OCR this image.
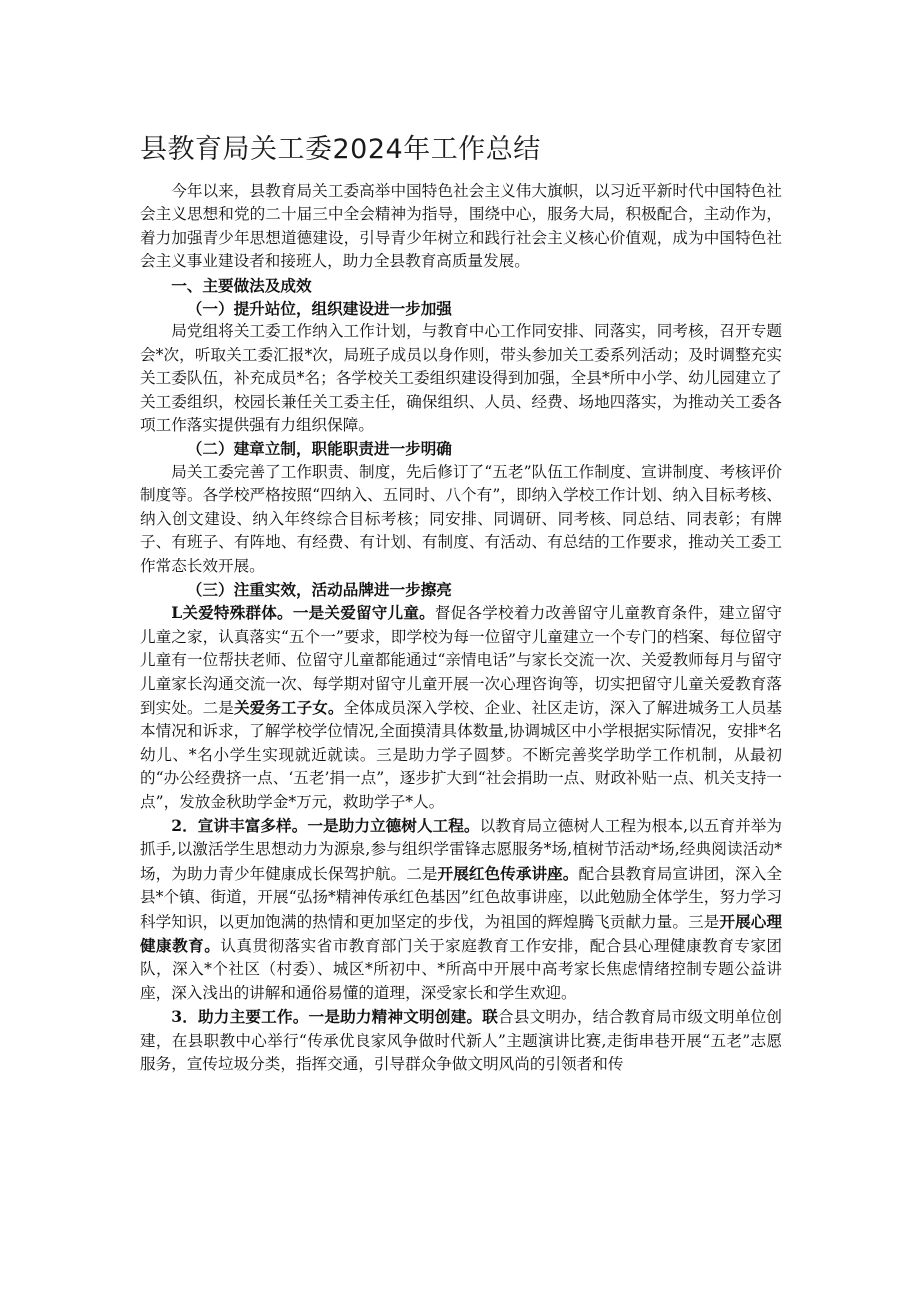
县教育局关工委2024年工作总结

今年以来，县教育局关工委高举中国特色社会主义伟大旗帜，以习近平新时代中国特色社会主义思想和党的二十届三中全会精神为指导，围绕中心，服务大局，积极配合，主动作为，着力加强青少年思想道德建设，引导青少年树立和践行社会主义核心价值观，成为中国特色社会主义事业建设者和接班人，助力全县教育高质量发展。

一、主要做法及成效
（一）提升站位，组织建设进一步加强

局党组将关工委工作纳入工作计划，与教育中心工作同安排、同落实，同考核，召开专题会*次，听取关工委汇报*次，局班子成员以身作则，带头参加关工委系列活动；及时调整充实关工委队伍，补充成员*名；各学校关工委组织建设得到加强，全县*所中小学、幼儿园建立了关工委组织，校园长兼任关工委主任，确保组织、人员、经费、场地四落实，为推动关工委各项工作落实提供强有力组织保障。

（二）建章立制，职能职责进一步明确

局关工委完善了工作职责、制度，先后修订了“五老”队伍工作制度、宣讲制度、考核评价制度等。各学校严格按照“四纳入、五同时、八个有”，即纳入学校工作计划、纳入目标考核、纳入创文建设、纳入年终综合目标考核；同安排、同调研、同考核、同总结、同表彰；有牌子、有班子、有阵地、有经费、有计划、有制度、有活动、有总结的工作要求，推动关工委工作常态长效开展。

（三）注重实效，活动品牌进一步擦亮

L关爱特殊群体。一是关爱留守儿童。督促各学校着力改善留守儿童教育条件，建立留守儿童之家，认真落实“五个一”要求，即学校为每一位留守儿童建立一个专门的档案、每位留守儿童有一位帮扶老师、位留守儿童都能通过“亲情电话”与家长交流一次、关爱教师每月与留守儿童家长沟通交流一次、每学期对留守儿童开展一次心理咨询等，切实把留守儿童关爱教育落到实处。二是关爱务工子女。全体成员深入学校、企业、社区走访，深入了解进城务工人员基本情况和诉求，了解学校学位情况,全面摸清具体数量,协调城区中小学根据实际情况，安排*名幼儿、*名小学生实现就近就读。三是助力学子圆梦。不断完善奖学助学工作机制，从最初的“办公经费挤一点、‘五老’捐一点”，逐步扩大到“社会捐助一点、财政补贴一点、机关支持一点”，发放金秋助学金*万元，救助学子*人。

2．宣讲丰富多样。一是助力立德树人工程。以教育局立德树人工程为根本,以五育并举为抓手,以激活学生思想动力为源泉,参与组织学雷锋志愿服务*场,植树节活动*场,经典阅读活动*场，为助力青少年健康成长保驾护航。二是开展红色传承讲座。配合县教育局宣讲团，深入全县*个镇、街道，开展“弘扬*精神传承红色基因”红色故事讲座，以此勉励全体学生，努力学习科学知识，以更加饱满的热情和更加坚定的步伐，为祖国的辉煌腾飞贡献力量。三是开展心理健康教育。认真贯彻落实省市教育部门关于家庭教育工作安排，配合县心理健康教育专家团队，深入*个社区（村委）、城区*所初中、*所高中开展中高考家长焦虑情绪控制专题公益讲座，深入浅出的讲解和通俗易懂的道理，深受家长和学生欢迎。

3．助力主要工作。一是助力精神文明创建。联合县文明办，结合教育局市级文明单位创建，在县职教中心举行“传承优良家风争做时代新人”主题演讲比赛,走街串巷开展“五老”志愿服务，宣传垃圾分类，指挥交通，引导群众争做文明风尚的引领者和传
